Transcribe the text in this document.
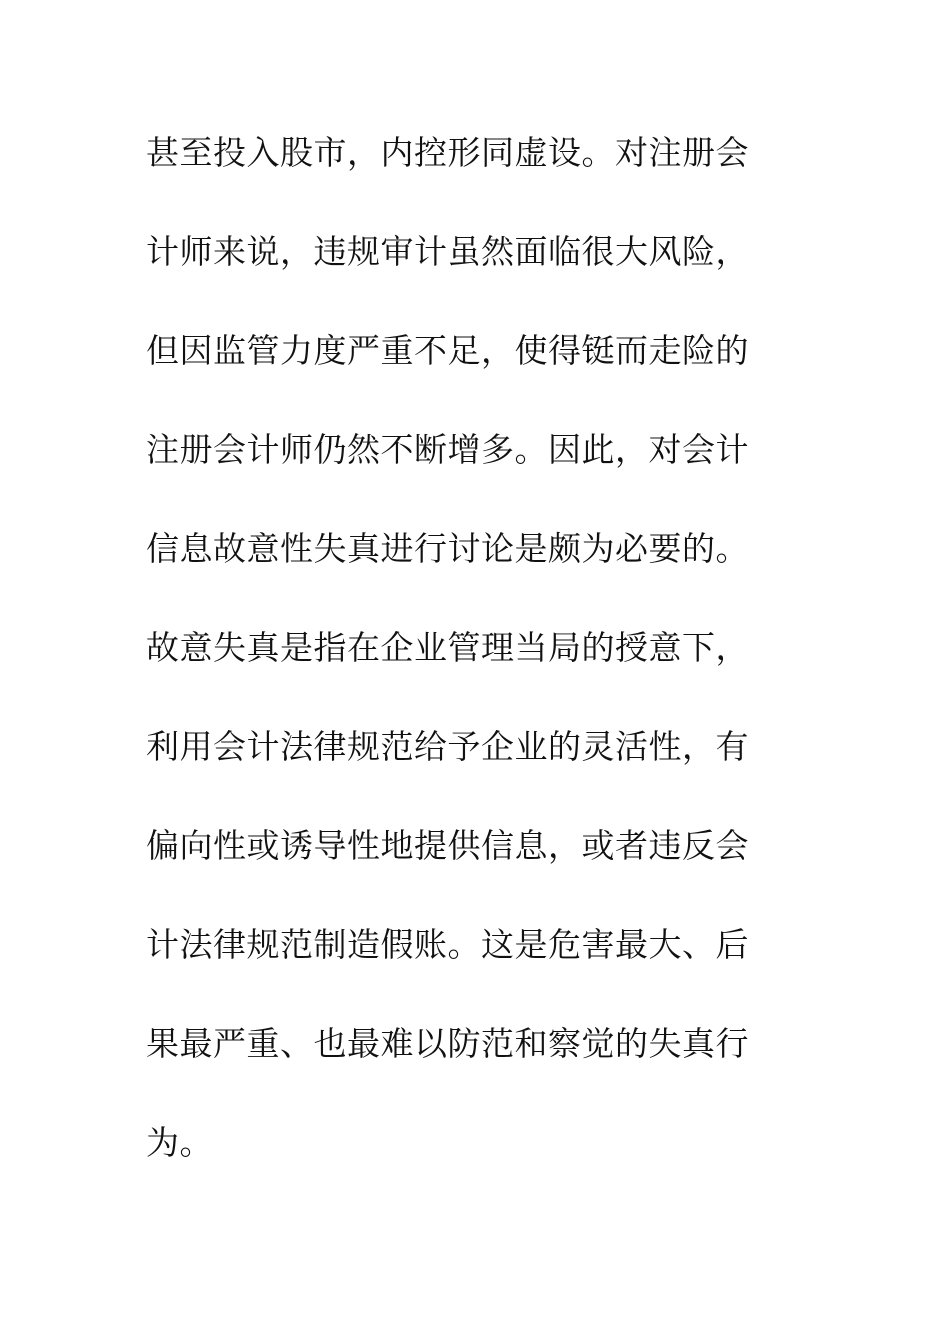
甚至投入股市，内控形同虚设。对注册会
计师来说，违规审计虽然面临很大风险，
但因监管力度严重不足，使得铤而走险的
注册会计师仍然不断增多。因此，对会计
信息故意性失真进行讨论是颇为必要的。
故意失真是指在企业管理当局的授意下，
利用会计法律规范给予企业的灵活性，有
偏向性或诱导性地提供信息，或者违反会
计法律规范制造假账。这是危害最大、后
果最严重、也最难以防范和察觉的失真行
为。
